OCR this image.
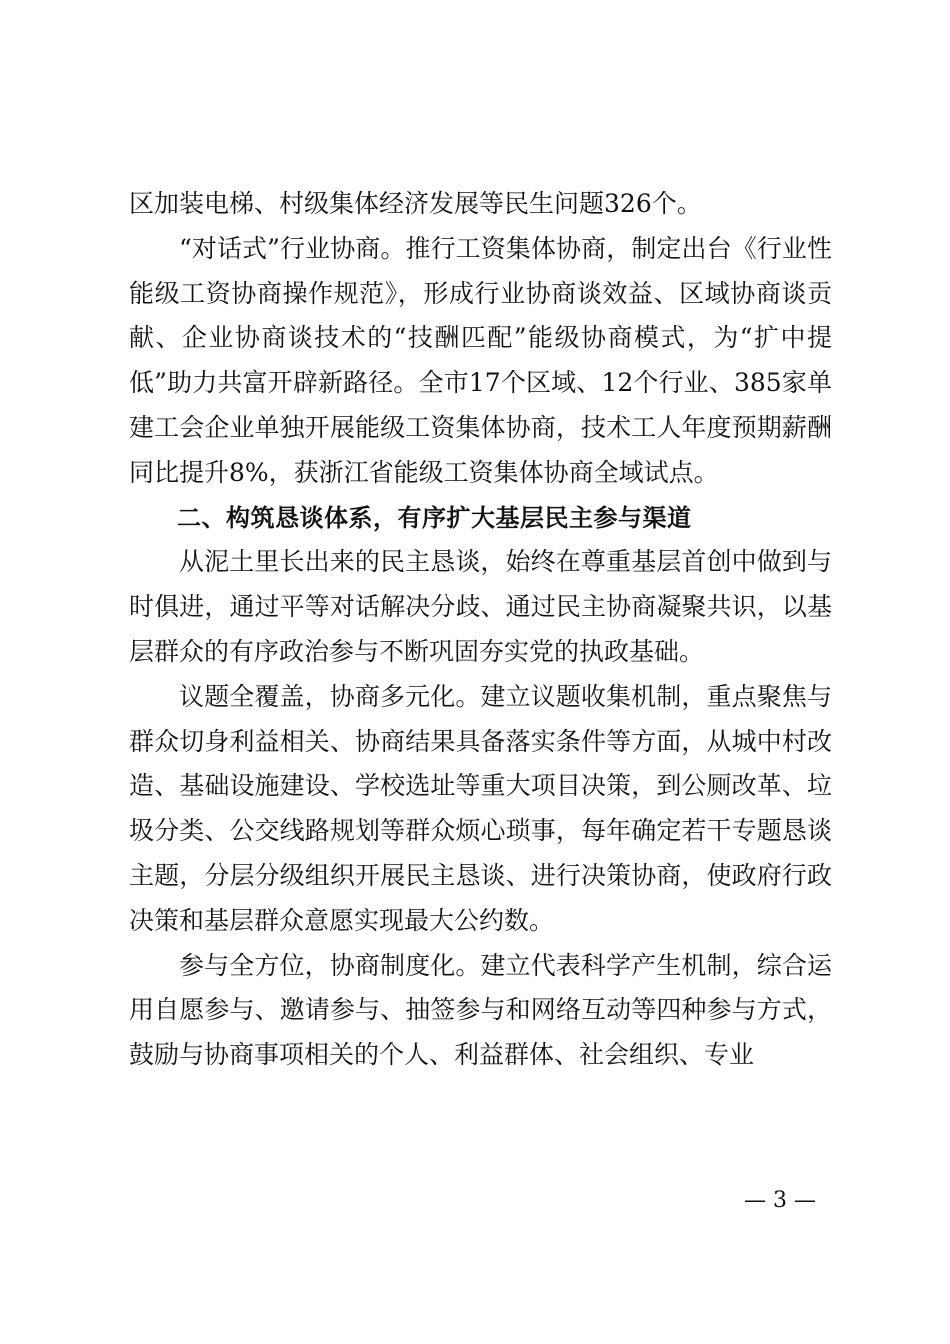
区加装电梯、村级集体经济发展等民生问题326个。

“对话式”行业协商。推行工资集体协商，制定出台《行业性能级工资协商操作规范》，形成行业协商谈效益、区域协商谈贡献、企业协商谈技术的“技酬匹配”能级协商模式，为“扩中提低”助力共富开辟新路径。全市17个区域、12个行业、385家单建工会企业单独开展能级工资集体协商，技术工人年度预期薪酬同比提升8%，获浙江省能级工资集体协商全域试点。

二、构筑恳谈体系，有序扩大基层民主参与渠道

从泥土里长出来的民主恳谈，始终在尊重基层首创中做到与时俱进，通过平等对话解决分歧、通过民主协商凝聚共识，以基层群众的有序政治参与不断巩固夯实党的执政基础。

议题全覆盖，协商多元化。建立议题收集机制，重点聚焦与群众切身利益相关、协商结果具备落实条件等方面，从城中村改造、基础设施建设、学校选址等重大项目决策，到公厕改革、垃圾分类、公交线路规划等群众烦心琐事，每年确定若干专题恳谈主题，分层分级组织开展民主恳谈、进行决策协商，使政府行政决策和基层群众意愿实现最大公约数。

参与全方位，协商制度化。建立代表科学产生机制，综合运用自愿参与、邀请参与、抽签参与和网络互动等四种参与方式，鼓励与协商事项相关的个人、利益群体、社会组织、专业

— 3 —
